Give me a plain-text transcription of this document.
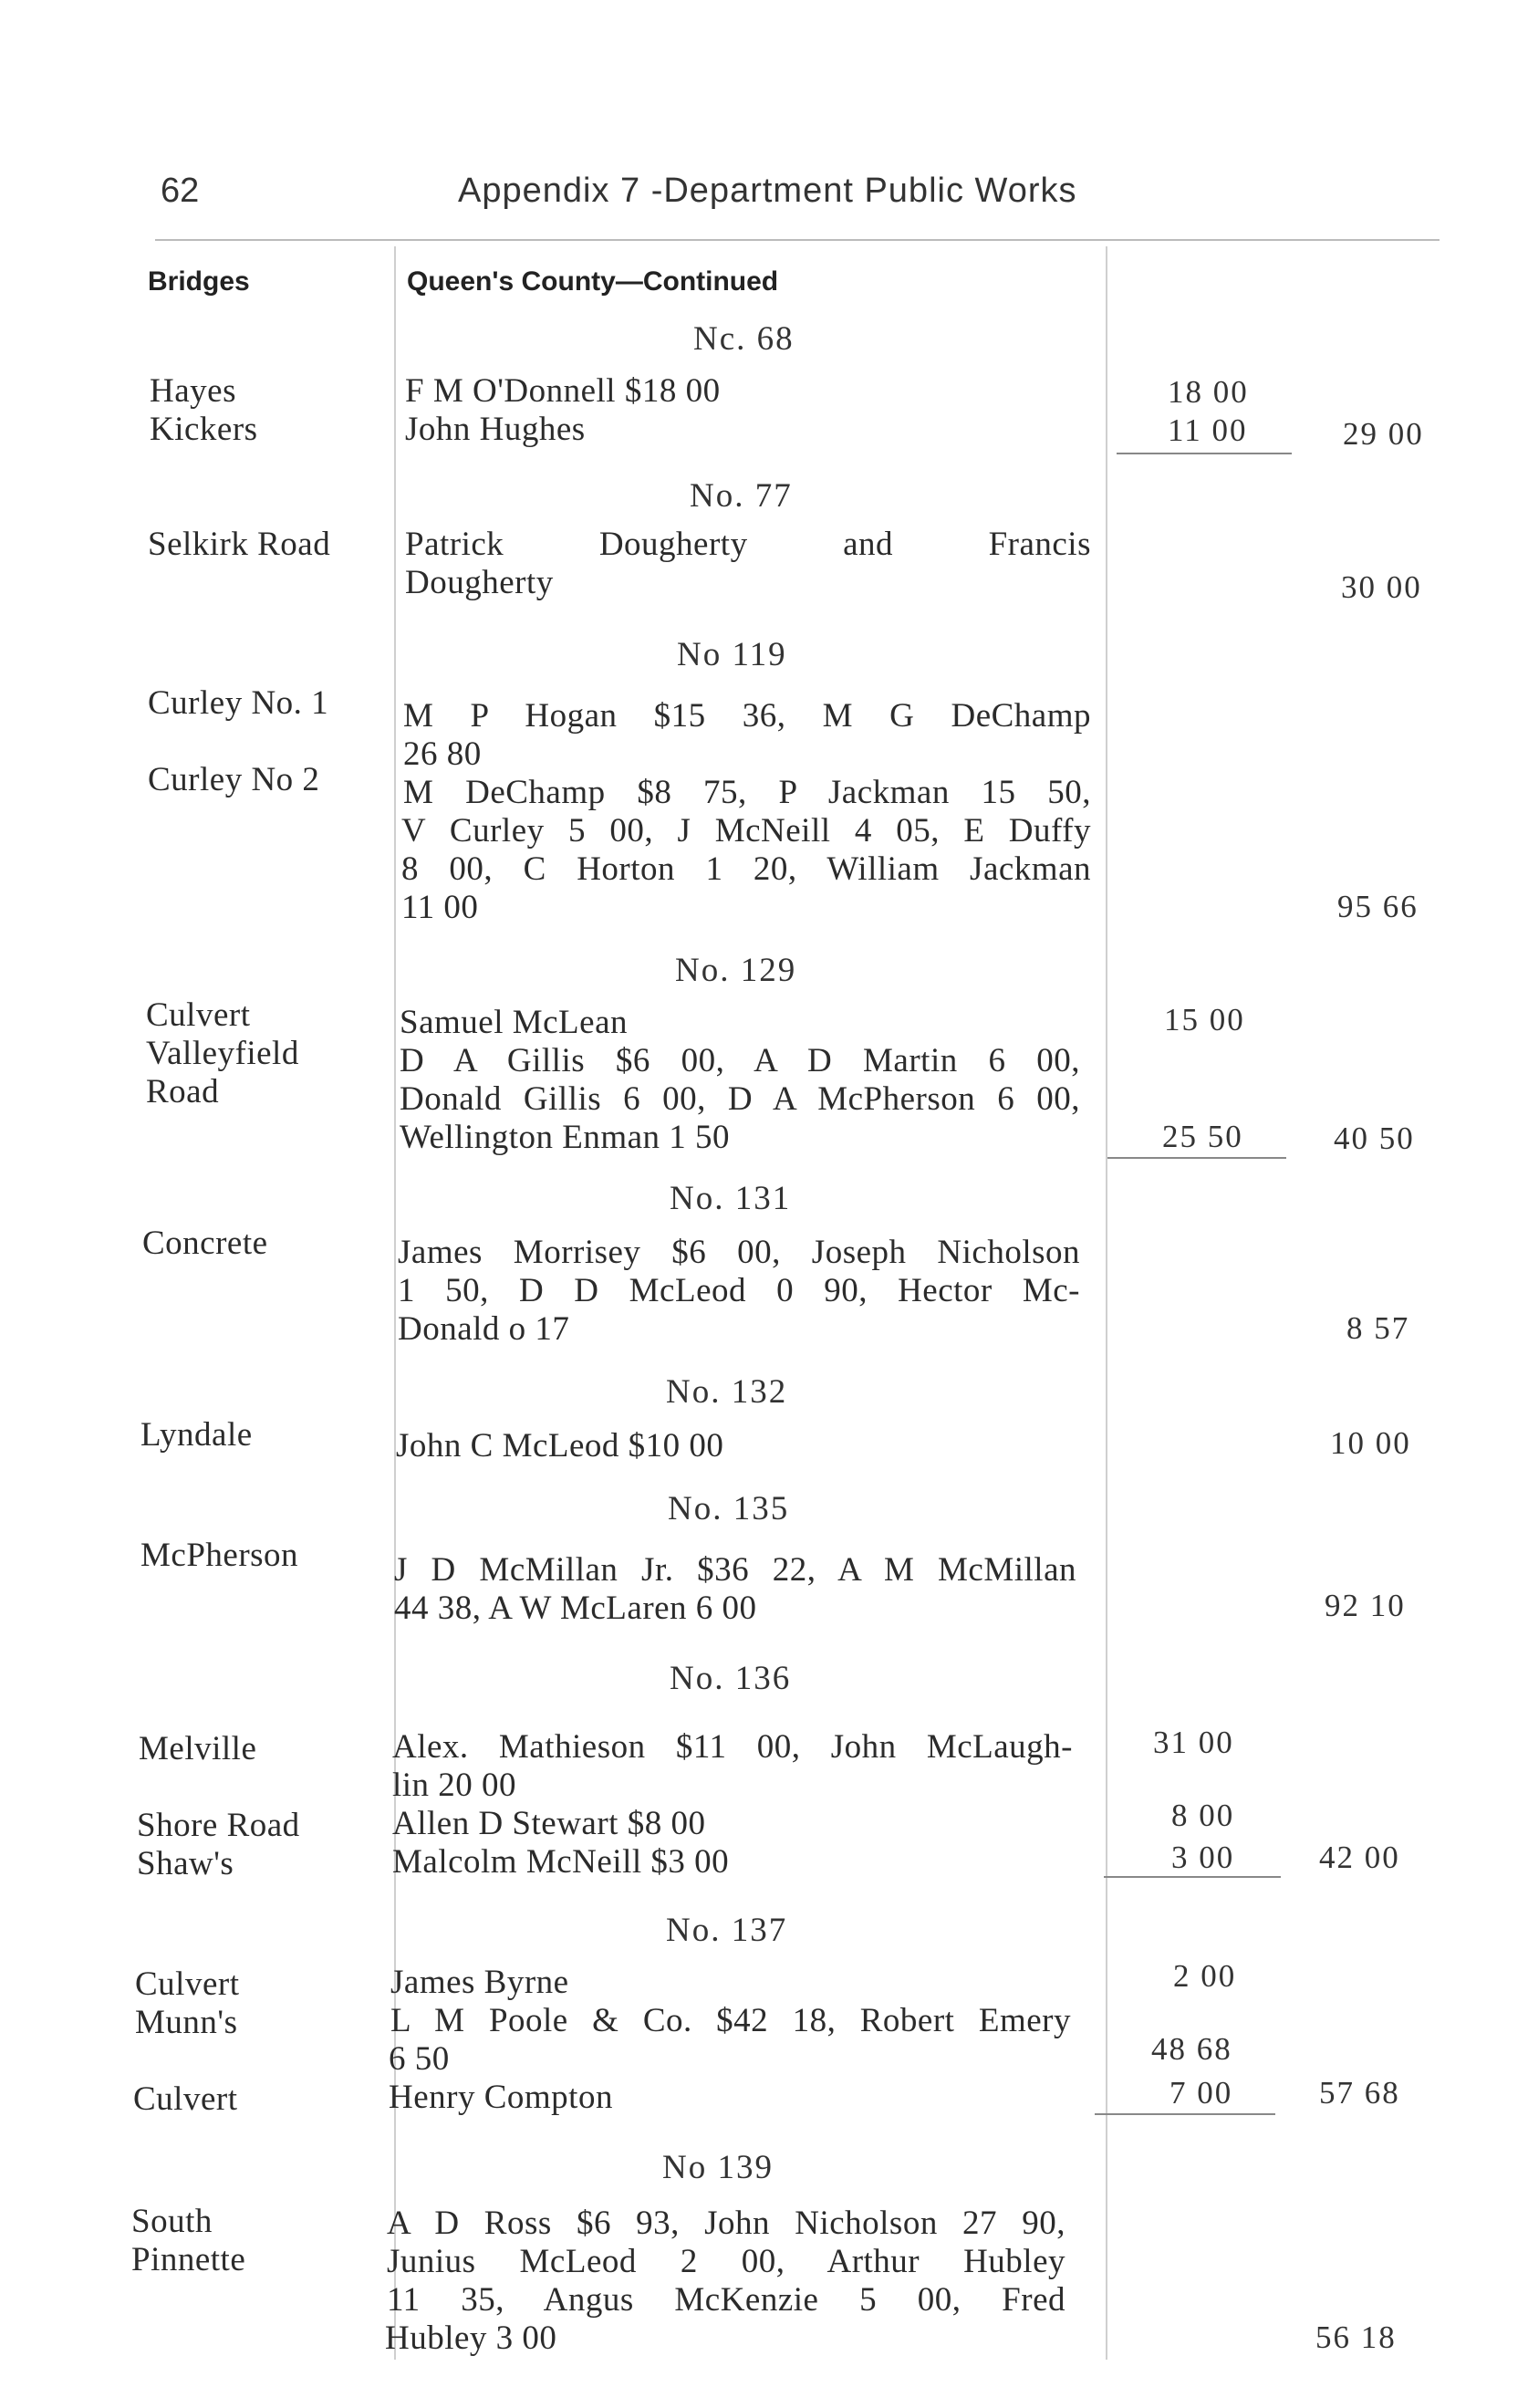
62	Appendix 7 -Department Public Works
Bridges	Queen's County—Continued
Nc. 68
No. 77
No 119
No. 129
No. 131
No. 132
No. 135
No. 136
No. 137
No 139
Hayes
Kickers
Selkirk Road
Curley No. 1
Curley No 2
Culvert
Valleyfield
Road
Concrete
Lyndale
McPherson
Melville
Shore Road
Shaw's
Culvert
Munn's
Culvert
South
Pinnette
F M O'Donnell $18 00
John Hughes
Dougherty
26 80
11 00
Samuel McLean
Wellington Enman 1 50
Donald o 17
John C McLeod $10 00
44 38, A W McLaren 6 00
lin 20 00
Allen D Stewart $8 00
Malcolm McNeill $3 00
James Byrne
6 50
Henry Compton
Hubley 3 00
Patrick Dougherty and Francis
M P Hogan $15 36, M G DeChamp
M DeChamp $8 75, P Jackman 15 50,
V Curley 5 00, J McNeill 4 05, E Duffy
8 00, C Horton 1 20, William Jackman
D A Gillis $6 00, A D Martin 6 00,
Donald Gillis 6 00, D A McPherson 6 00,
James Morrisey $6 00, Joseph Nicholson
1 50, D D McLeod 0 90, Hector Mc-
J D McMillan Jr. $36 22, A M McMillan
Alex. Mathieson $11 00, John McLaugh-
L M Poole & Co. $42 18, Robert Emery
A D Ross $6 93, John Nicholson 27 90,
Junius McLeod 2 00, Arthur Hubley
11 35, Angus McKenzie 5 00, Fred
18 00
11 00
15 00
25 50
31 00
8 00
3 00
2 00
48 68
7 00
29 00
30 00
95 66
40 50
8 57
10 00
92 10
42 00
57 68
56 18
